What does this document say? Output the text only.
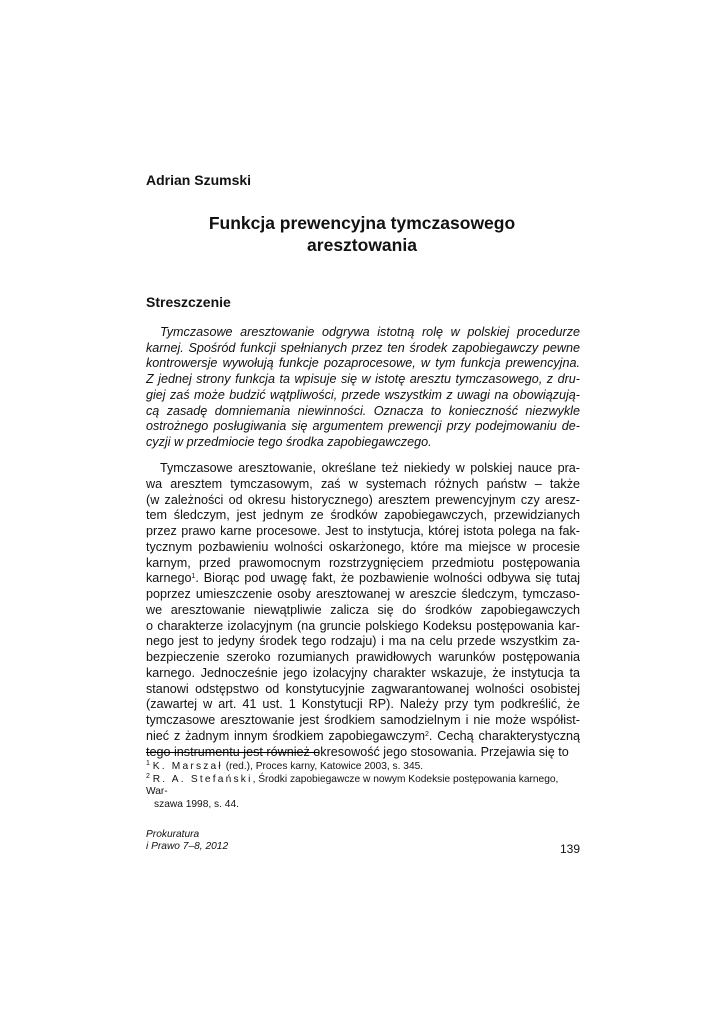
Adrian Szumski
Funkcja prewencyjna tymczasowego
aresztowania
Streszczenie
Tymczasowe aresztowanie odgrywa istotną rolę w polskiej procedurze
karnej. Spośród funkcji spełnianych przez ten środek zapobiegawczy pewne
kontrowersje wywołują funkcje pozaprocesowe, w tym funkcja prewencyjna.
Z jednej strony funkcja ta wpisuje się w istotę aresztu tymczasowego, z dru-
giej zaś może budzić wątpliwości, przede wszystkim z uwagi na obowiązują-
cą zasadę domniemania niewinności. Oznacza to konieczność niezwykle
ostrożnego posługiwania się argumentem prewencji przy podejmowaniu de-
cyzji w przedmiocie tego środka zapobiegawczego.
Tymczasowe aresztowanie, określane też niekiedy w polskiej nauce pra-
wa aresztem tymczasowym, zaś w systemach różnych państw – także
(w zależności od okresu historycznego) aresztem prewencyjnym czy aresz-
tem śledczym, jest jednym ze środków zapobiegawczych, przewidzianych
przez prawo karne procesowe. Jest to instytucja, której istota polega na fak-
tycznym pozbawieniu wolności oskarżonego, które ma miejsce w procesie
karnym, przed prawomocnym rozstrzygnięciem przedmiotu postępowania
karnego$^1$. Biorąc pod uwagę fakt, że pozbawienie wolności odbywa się tutaj
poprzez umieszczenie osoby aresztowanej w areszcie śledczym, tymczaso-
we aresztowanie niewątpliwie zalicza się do środków zapobiegawczych
o charakterze izolacyjnym (na gruncie polskiego Kodeksu postępowania kar-
nego jest to jedyny środek tego rodzaju) i ma na celu przede wszystkim za-
bezpieczenie szeroko rozumianych prawidłowych warunków postępowania
karnego. Jednocześnie jego izolacyjny charakter wskazuje, że instytucja ta
stanowi odstępstwo od konstytucyjnie zagwarantowanej wolności osobistej
(zawartej w art. 41 ust. 1 Konstytucji RP). Należy przy tym podkreślić, że
tymczasowe aresztowanie jest środkiem samodzielnym i nie może współist-
nieć z żadnym innym środkiem zapobiegawczym$^2$. Cechą charakterystyczną
tego instrumentu jest również okresowość jego stosowania. Przejawia się to
$^1$ K. Marszał (red.), Proces karny, Katowice 2003, s. 345.
$^2$ R. A. Stefański, Środki zapobiegawcze w nowym Kodeksie postępowania karnego, War-
szawa 1998, s. 44.
Prokuratura
i Prawo 7–8, 2012	139
